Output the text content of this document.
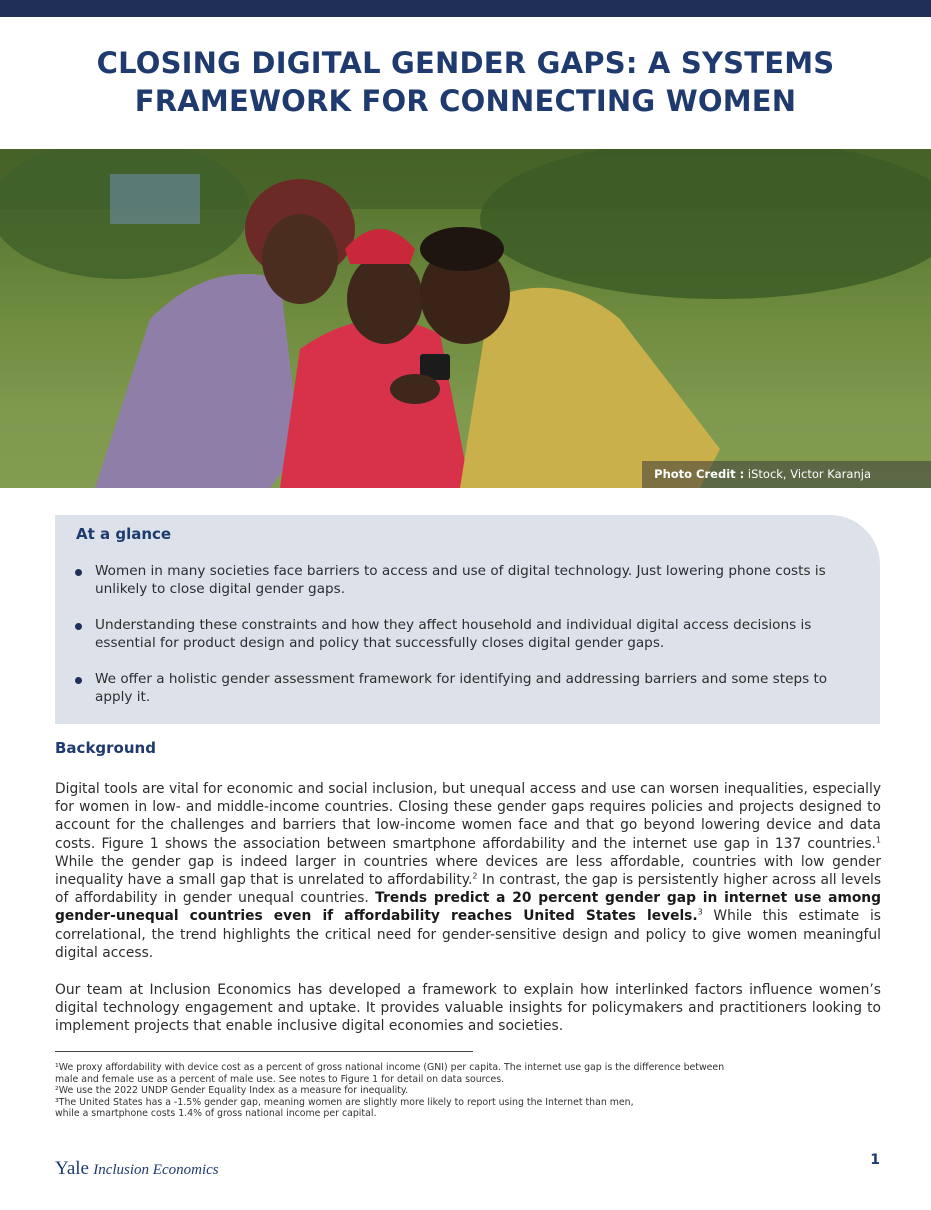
CLOSING DIGITAL GENDER GAPS: A SYSTEMS
FRAMEWORK FOR CONNECTING WOMEN
Photo Credit : iStock, Victor Karanja
At a glance
Women in many societies face barriers to access and use of digital technology. Just lowering phone costs is unlikely to close digital gender gaps.
Understanding these constraints and how they affect household and individual digital access decisions is essential for product design and policy that successfully closes digital gender gaps.
We offer a holistic gender assessment framework for identifying and addressing barriers and some steps to apply it.
Background

Digital tools are vital for economic and social inclusion, but unequal access and use can worsen inequalities, especially for women in low- and middle-income countries. Closing these gender gaps requires policies and projects designed to account for the challenges and barriers that low-income women face and that go beyond lowering device and data costs. Figure 1 shows the association between smartphone affordability and the internet use gap in 137 countries.$^1$ While the gender gap is indeed larger in countries where devices are less affordable, countries with low gender inequality have a small gap that is unrelated to affordability.$^2$ In contrast, the gap is persistently higher across all levels of affordability in gender unequal countries. Trends predict a 20 percent gender gap in internet use among gender-unequal countries even if affordability reaches United States levels.$^3$ While this estimate is correlational, the trend highlights the critical need for gender-sensitive design and policy to give women meaningful digital access.

Our team at Inclusion Economics has developed a framework to explain how interlinked factors influence women’s digital technology engagement and uptake. It provides valuable insights for policymakers and practitioners looking to implement projects that enable inclusive digital economies and societies.

¹We proxy affordability with device cost as a percent of gross national income (GNI) per capita. The internet use gap is the difference between

male and female use as a percent of male use. See notes to Figure 1 for detail on data sources.

²We use the 2022 UNDP Gender Equality Index as a measure for inequality.

³The United States has a -1.5% gender gap, meaning women are slightly more likely to report using the Internet than men,

while a smartphone costs 1.4% of gross national income per capital.

Yale Inclusion Economics
1
